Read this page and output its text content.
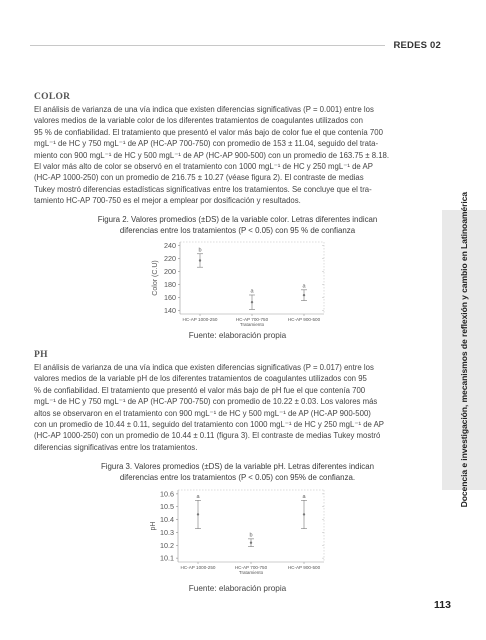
REDES 02
Docencia e investigación, mecanismos de reflexión y cambio en Latinoamérica
COLOR
El análisis de varianza de una vía indica que existen diferencias significativas (P = 0.001) entre los
valores medios de la variable color de los diferentes tratamientos de coagulantes utilizados con
95 % de confiabilidad. El tratamiento que presentó el valor más bajo de color fue el que contenía 700
mgL⁻¹ de HC y 750 mgL⁻¹ de AP (HC-AP 700-750) con promedio de 153 ± 11.04, seguido del trata-
miento con 900 mgL⁻¹ de HC y 500 mgL⁻¹ de AP (HC-AP 900-500) con un promedio de 163.75 ± 8.18.
El valor más alto de color se observó en el tratamiento con 1000 mgL⁻¹ de HC y 250 mgL⁻¹ de AP
(HC-AP 1000-250) con un promedio de 216.75 ± 10.27 (véase figura 2). El contraste de medias
Tukey mostró diferencias estadísticas significativas entre los tratamientos. Se concluye que el tra-
tamiento HC-AP 700-750 es el mejor a emplear por dosificación y resultados.
Figura 2. Valores promedios (±DS) de la variable color. Letras diferentes indican
diferencias entre los tratamientos (P < 0.05) con 95 % de confianza
140
160
180
200
220
240
Color (C.U)
HC-AP 1000-250
b
HC-AP 700-750
a
HC-AP 900-500
a
Tratamiento
Fuente: elaboración propia
PH
El análisis de varianza de una vía indica que existen diferencias significativas (P = 0.017) entre los
valores medios de la variable pH de los diferentes tratamientos de coagulantes utilizados con 95
% de confiabilidad. El tratamiento que presentó el valor más bajo de pH fue el que contenía 700
mgL⁻¹ de HC y 750 mgL⁻¹ de AP (HC-AP 700-750) con promedio de 10.22 ± 0.03. Los valores más
altos se observaron en el tratamiento con 900 mgL⁻¹ de HC y 500 mgL⁻¹ de AP (HC-AP 900-500)
con un promedio de 10.44 ± 0.11, seguido del tratamiento con 1000 mgL⁻¹ de HC y 250 mgL⁻¹ de AP
(HC-AP 1000-250) con un promedio de 10.44 ± 0.11 (figura 3). El contraste de medias Tukey mostró
diferencias significativas entre los tratamientos.
Figura 3. Valores promedios (±DS) de la variable pH. Letras diferentes indican
diferencias entre los tratamientos (P < 0.05) con 95% de confianza.
10.1
10.2
10.3
10.4
10.5
10.6
pH
HC-AP 1000-250
a
HC-AP 700-750
b
HC-AP 900-500
a
Tratamiento
Fuente: elaboración propia
113
